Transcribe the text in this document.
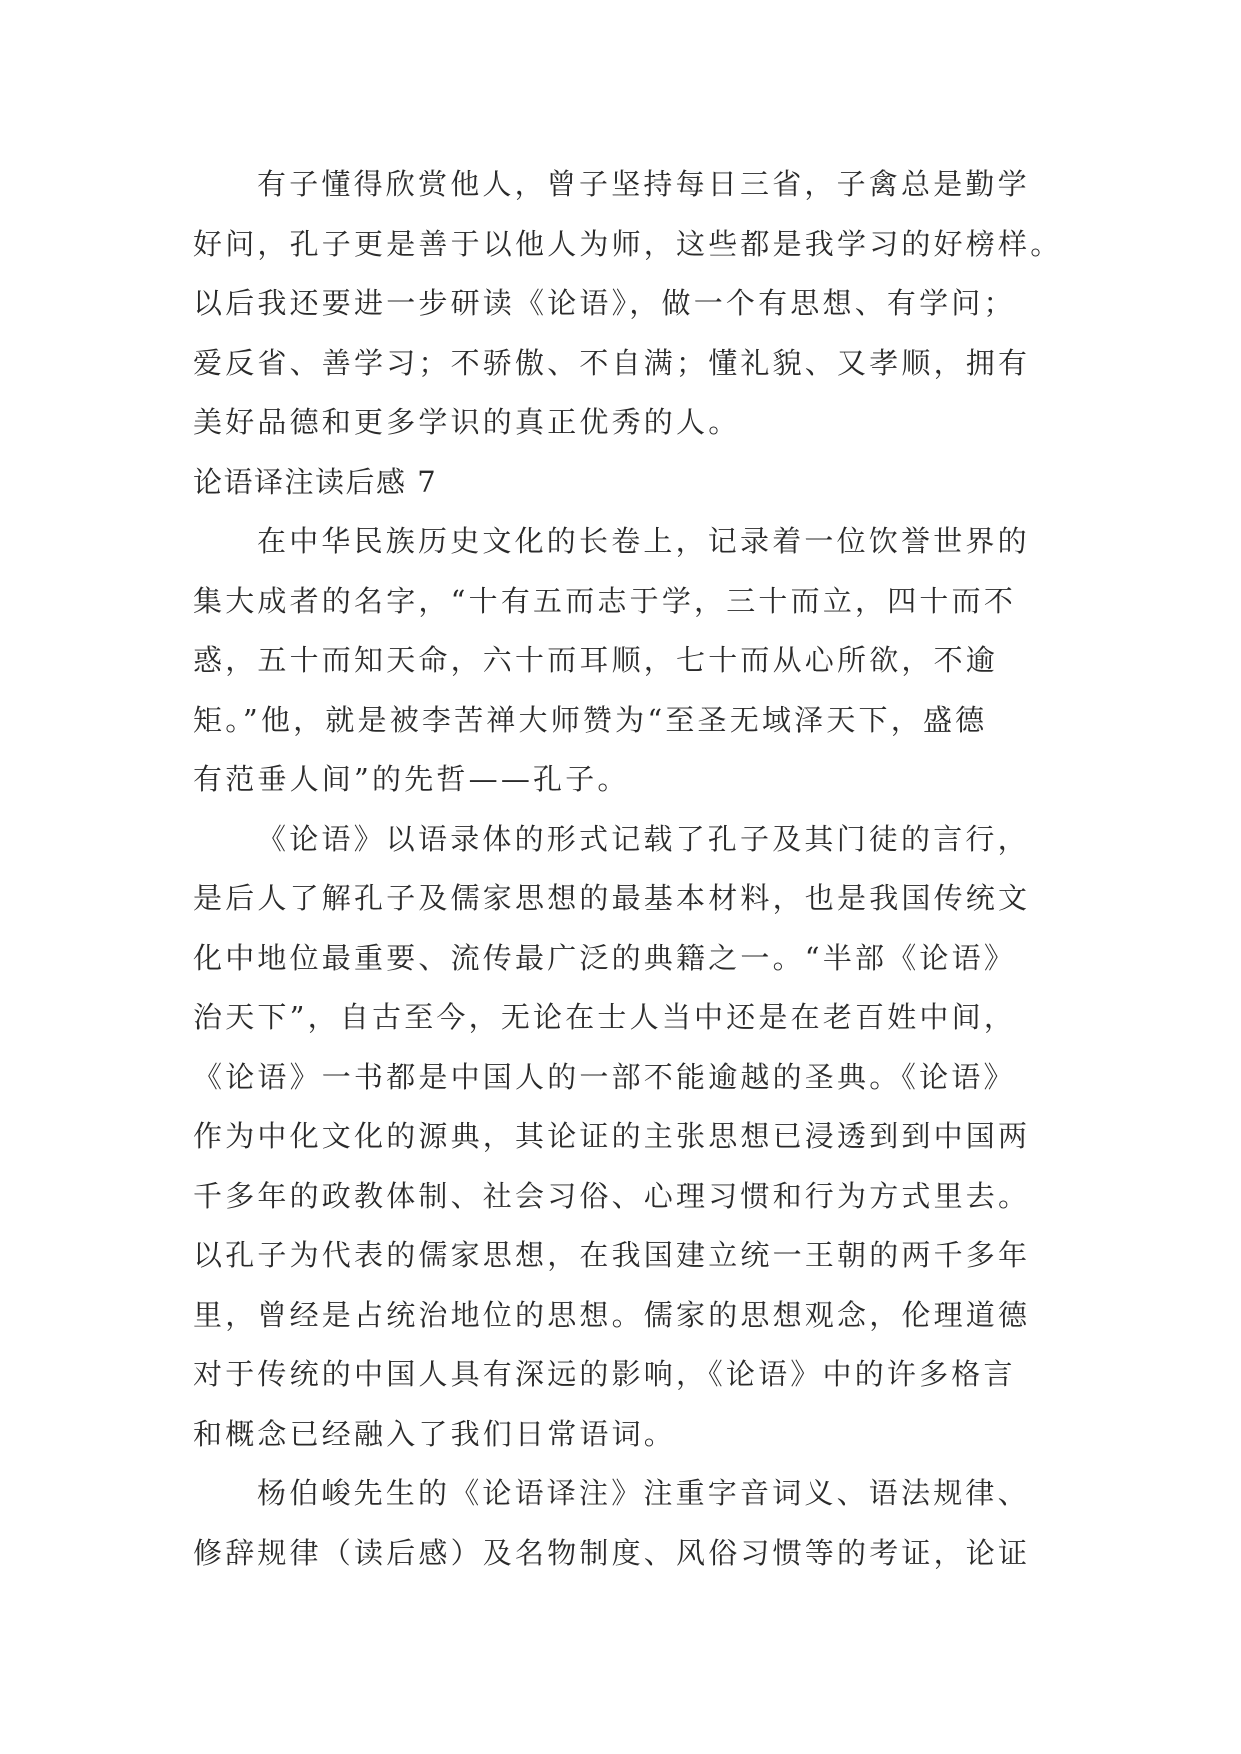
有子懂得欣赏他人，曾子坚持每日三省，子禽总是勤学
好问，孔子更是善于以他人为师，这些都是我学习的好榜样。
以后我还要进一步研读《论语》，做一个有思想、有学问；
爱反省、善学习；不骄傲、不自满；懂礼貌、又孝顺，拥有
美好品德和更多学识的真正优秀的人。
论语译注读后感 7
在中华民族历史文化的长卷上，记录着一位饮誉世界的
集大成者的名字，“十有五而志于学，三十而立，四十而不
惑，五十而知天命，六十而耳顺，七十而从心所欲，不逾
矩。”他，就是被李苦禅大师赞为“至圣无域泽天下，盛德
有范垂人间”的先哲——孔子。
《论语》以语录体的形式记载了孔子及其门徒的言行，
是后人了解孔子及儒家思想的最基本材料，也是我国传统文
化中地位最重要、流传最广泛的典籍之一。“半部《论语》
治天下”，自古至今，无论在士人当中还是在老百姓中间，
《论语》一书都是中国人的一部不能逾越的圣典。《论语》
作为中化文化的源典，其论证的主张思想已浸透到到中国两
千多年的政教体制、社会习俗、心理习惯和行为方式里去。
以孔子为代表的儒家思想，在我国建立统一王朝的两千多年
里，曾经是占统治地位的思想。儒家的思想观念，伦理道德
对于传统的中国人具有深远的影响，《论语》中的许多格言
和概念已经融入了我们日常语词。
杨伯峻先生的《论语译注》注重字音词义、语法规律、
修辞规律（读后感）及名物制度、风俗习惯等的考证，论证
